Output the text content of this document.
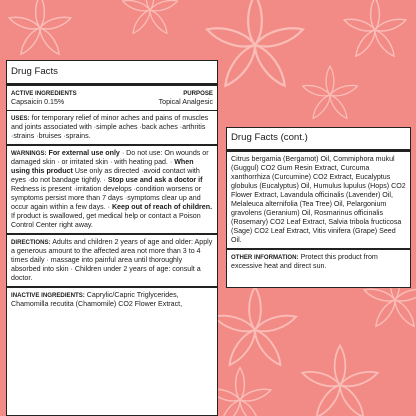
Drug Facts
ACTIVE INGREDIENTS	PURPOSE
Capsaicin 0.15%	Topical Analgesic
USES: for temporary relief of minor aches and pains of muscles and joints associated with ·simple aches ·back aches ·arthritis ·strains ·bruises ·sprains.
WARNINGS: For external use only · Do not use: On wounds or damaged skin · or irritated skin · with heating pad. · When using this product Use only as directed ·avoid contact with eyes ·do not bandage tightly. · Stop use and ask a doctor if Redness is present ·irritation develops ·condition worsens or symptoms persist more than 7 days ·symptoms clear up and occur again within a few days. · Keep out of reach of children. If product is swallowed, get medical help or contact a Poison Control Center right away.
DIRECTIONS: Adults and children 2 years of age and older: Apply a generous amount to the affected area not more than 3 to 4 times daily · massage into painful area until thoroughly absorbed into skin · Children under 2 years of age: consult a doctor.
INACTIVE INGREDIENTS: Caprylic/Capric Triglycerides, Chamomilla recutita (Chamomile) CO2 Flower Extract,
Drug Facts (cont.)
Citrus bergamia (Bergamot) Oil, Commiphora mukul (Guggul) CO2 Gum Resin Extract, Curcuma xanthorrhiza (Curcumine) CO2 Extract, Eucalyptus globulus (Eucalyptus) Oil, Humulus lupulus (Hops) CO2 Flower Extract, Lavandula officinalis (Lavender) Oil, Melaleuca alternifolia (Tea Tree) Oil, Pelargonium gravolens (Geranium) Oil, Rosmarinus officinalis (Rosemary) CO2 Leaf Extract, Salvia tribola fructicosa (Sage) CO2 Leaf Extract, Vitis vinifera (Grape) Seed Oil.
OTHER INFORMATION: Protect this product from excessive heat and direct sun.
